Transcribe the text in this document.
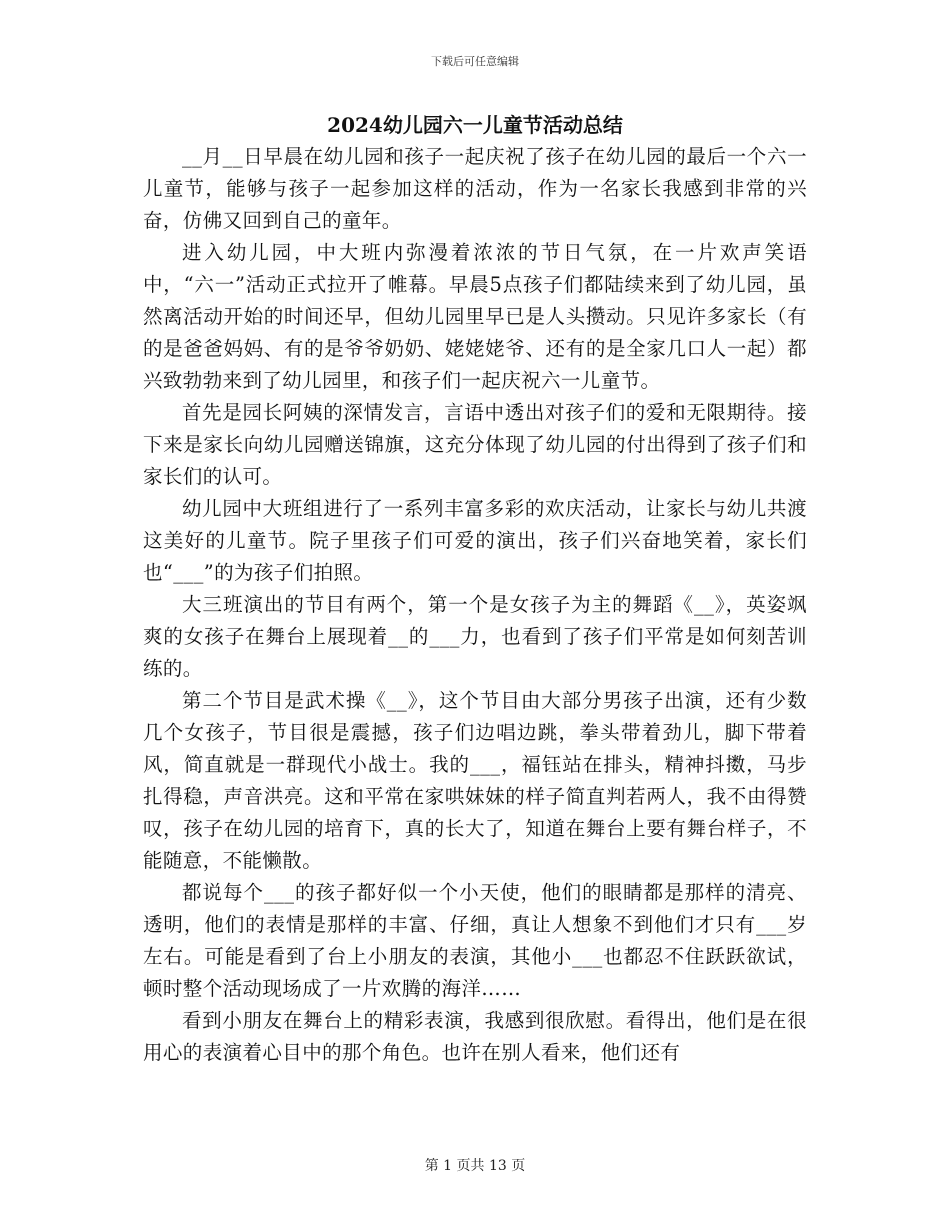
下载后可任意编辑
2024幼儿园六一儿童节活动总结

__月__日早晨在幼儿园和孩子一起庆祝了孩子在幼儿园的最后一个六一儿童节，能够与孩子一起参加这样的活动，作为一名家长我感到非常的兴奋，仿佛又回到自己的童年。

进入幼儿园，中大班内弥漫着浓浓的节日气氛，在一片欢声笑语中，“六一”活动正式拉开了帷幕。早晨5点孩子们都陆续来到了幼儿园，虽然离活动开始的时间还早，但幼儿园里早已是人头攒动。只见许多家长（有的是爸爸妈妈、有的是爷爷奶奶、姥姥姥爷、还有的是全家几口人一起）都兴致勃勃来到了幼儿园里，和孩子们一起庆祝六一儿童节。

首先是园长阿姨的深情发言，言语中透出对孩子们的爱和无限期待。接下来是家长向幼儿园赠送锦旗，这充分体现了幼儿园的付出得到了孩子们和家长们的认可。

幼儿园中大班组进行了一系列丰富多彩的欢庆活动，让家长与幼儿共渡这美好的儿童节。院子里孩子们可爱的演出，孩子们兴奋地笑着，家长们也“___”的为孩子们拍照。

大三班演出的节目有两个，第一个是女孩子为主的舞蹈《__》，英姿飒爽的女孩子在舞台上展现着__的___力，也看到了孩子们平常是如何刻苦训练的。

第二个节目是武术操《__》，这个节目由大部分男孩子出演，还有少数几个女孩子，节目很是震撼，孩子们边唱边跳，拳头带着劲儿，脚下带着风，简直就是一群现代小战士。我的___，福钰站在排头，精神抖擞，马步扎得稳，声音洪亮。这和平常在家哄妹妹的样子简直判若两人，我不由得赞叹，孩子在幼儿园的培育下，真的长大了，知道在舞台上要有舞台样子，不能随意，不能懒散。

都说每个___的孩子都好似一个小天使，他们的眼睛都是那样的清亮、透明，他们的表情是那样的丰富、仔细，真让人想象不到他们才只有___岁左右。可能是看到了台上小朋友的表演，其他小___也都忍不住跃跃欲试，顿时整个活动现场成了一片欢腾的海洋……

看到小朋友在舞台上的精彩表演，我感到很欣慰。看得出，他们是在很用心的表演着心目中的那个角色。也许在别人看来，他们还有

第 1 页共 13 页
